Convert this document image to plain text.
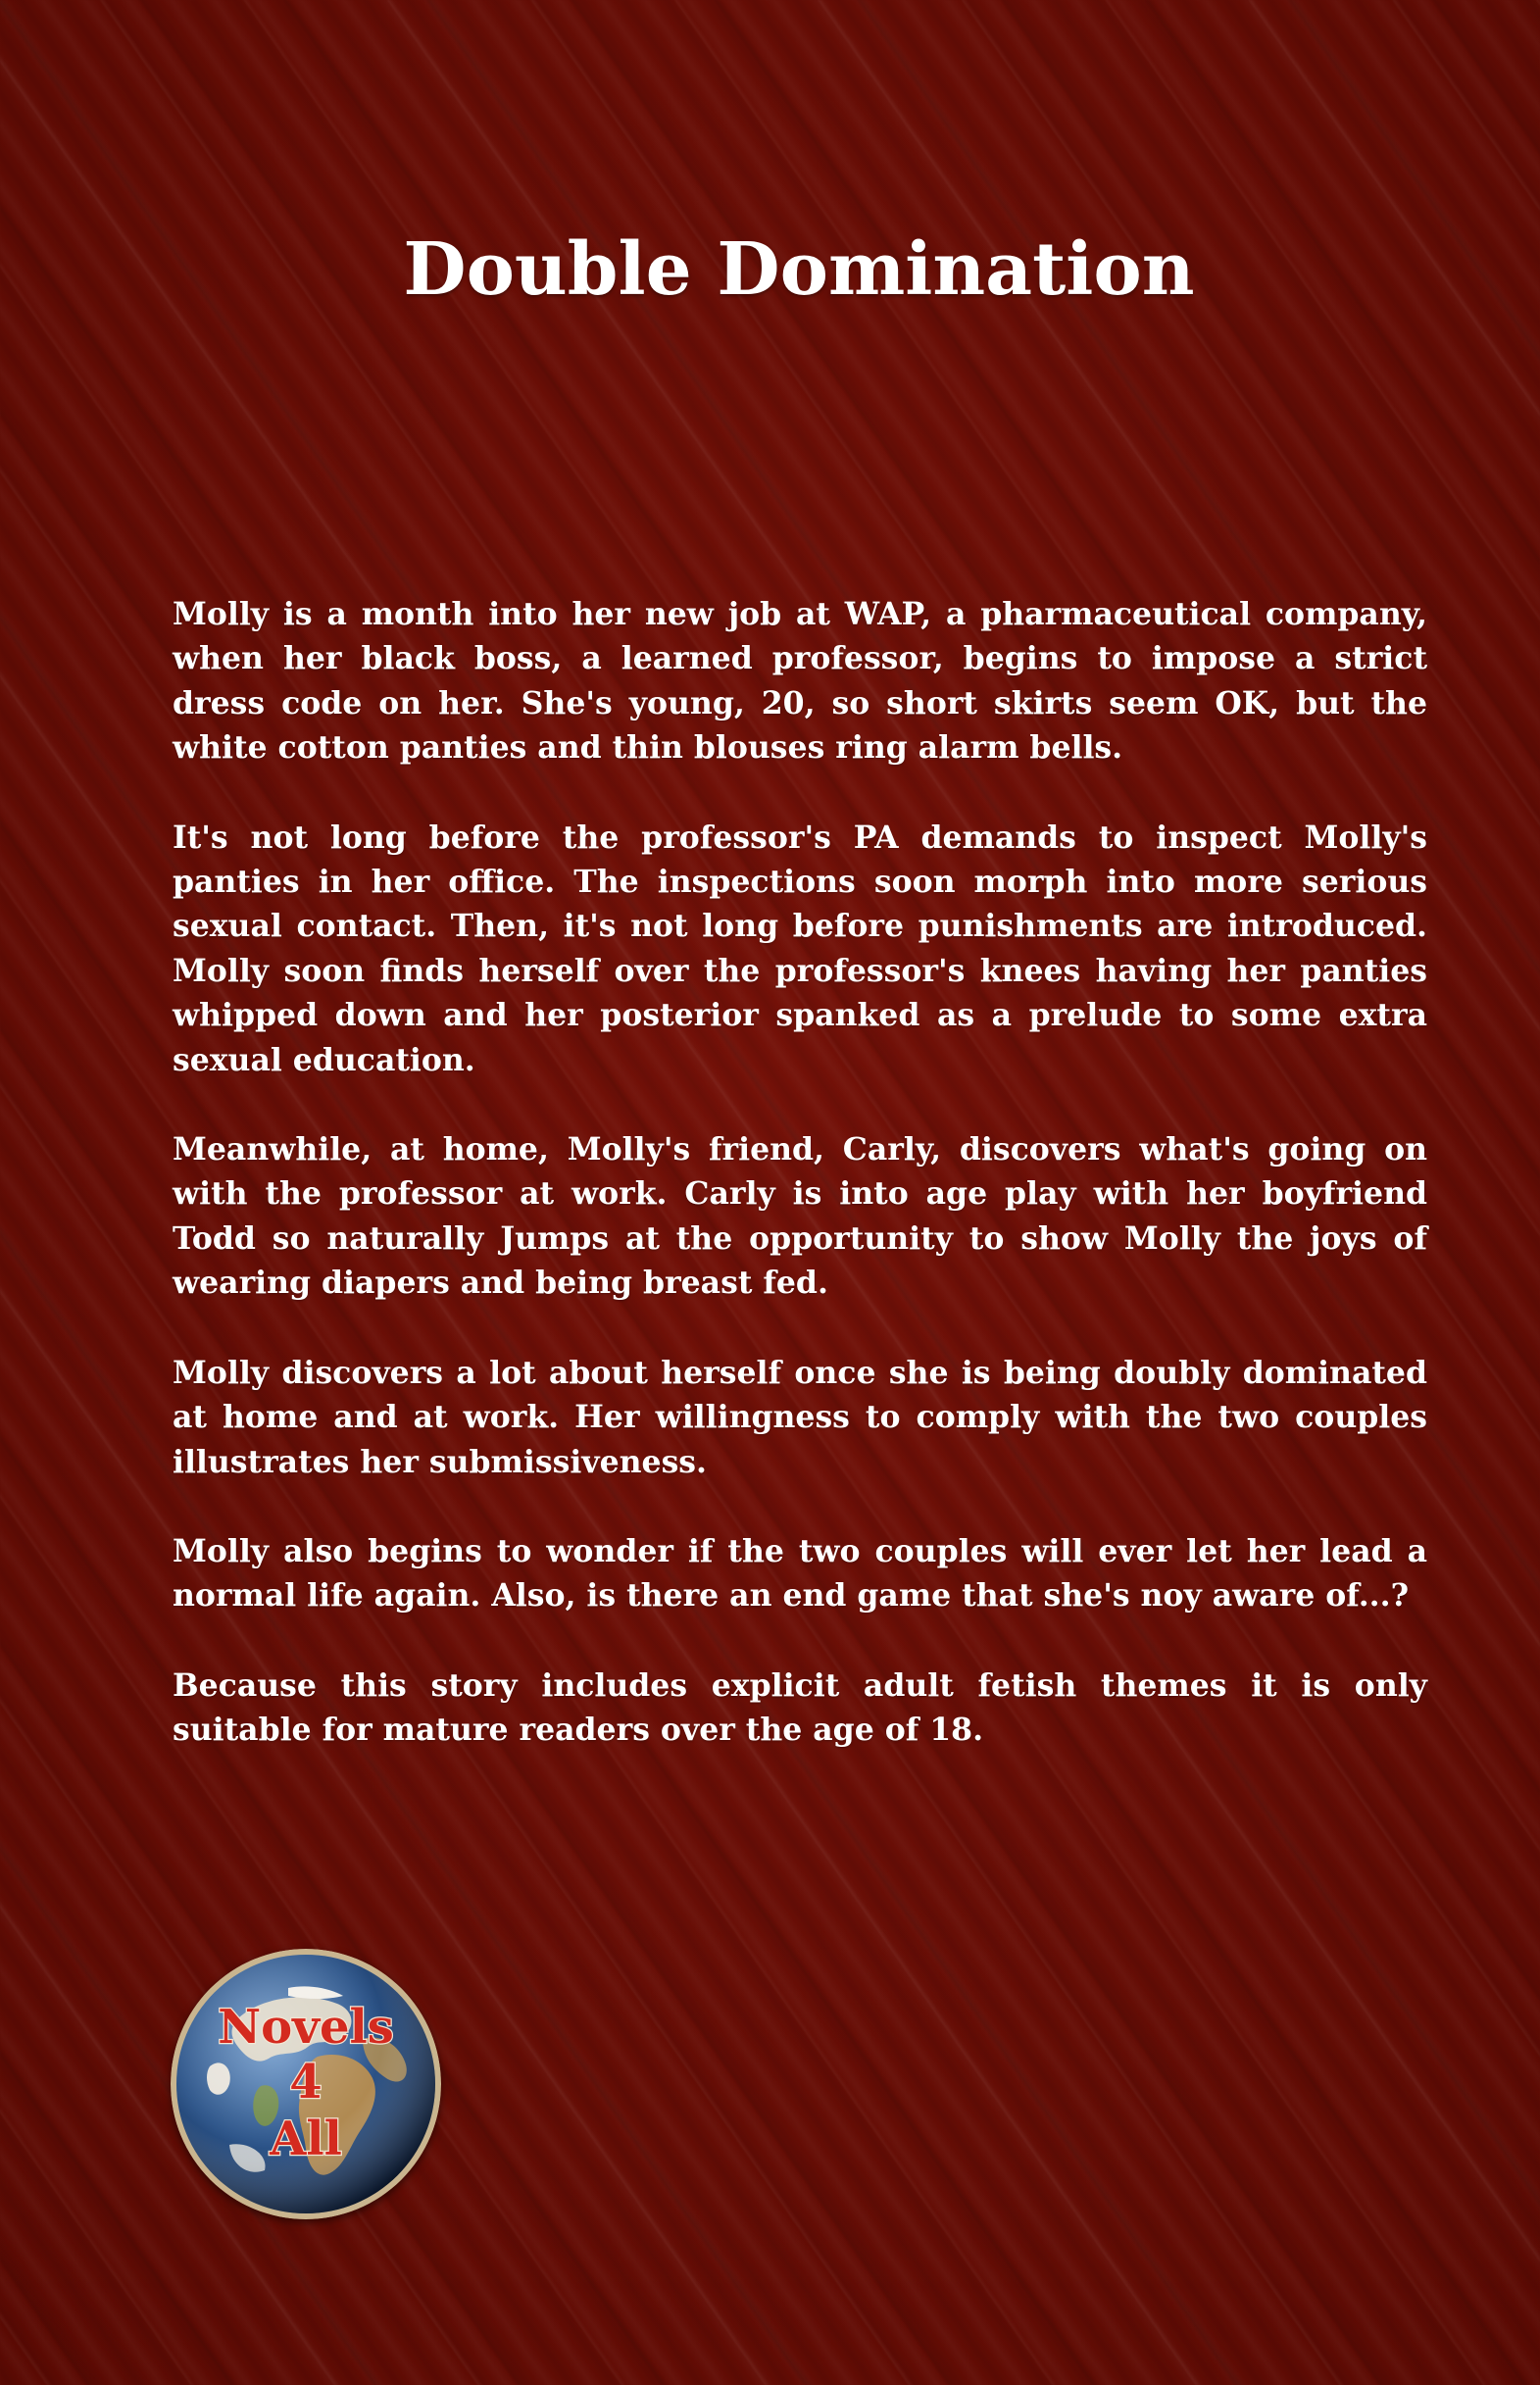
Double Domination

Molly is a month into her new job at WAP, a pharmaceutical company, when her black boss, a learned professor, begins to impose a strict dress code on her. She's young, 20, so short skirts seem OK, but the white cotton panties and thin blouses ring alarm bells.

It's not long before the professor's PA demands to inspect Molly's panties in her office. The inspections soon morph into more serious sexual contact. Then, it's not long before punishments are introduced. Molly soon finds herself over the professor's knees having her panties whipped down and her posterior spanked as a prelude to some extra sexual education.

Meanwhile, at home, Molly's friend, Carly, discovers what's going on with the professor at work. Carly is into age play with her boyfriend Todd so naturally Jumps at the opportunity to show Molly the joys of wearing diapers and being breast fed.

Molly discovers a lot about herself once she is being doubly dominated at home and at work. Her willingness to comply with the two couples illustrates her submissiveness.

Molly also begins to wonder if the two couples will ever let her lead a normal life again. Also, is there an end game that she's noy aware of...?

Because this story includes explicit adult fetish themes it is only suitable for mature readers over the age of 18.

Novels
4
All
